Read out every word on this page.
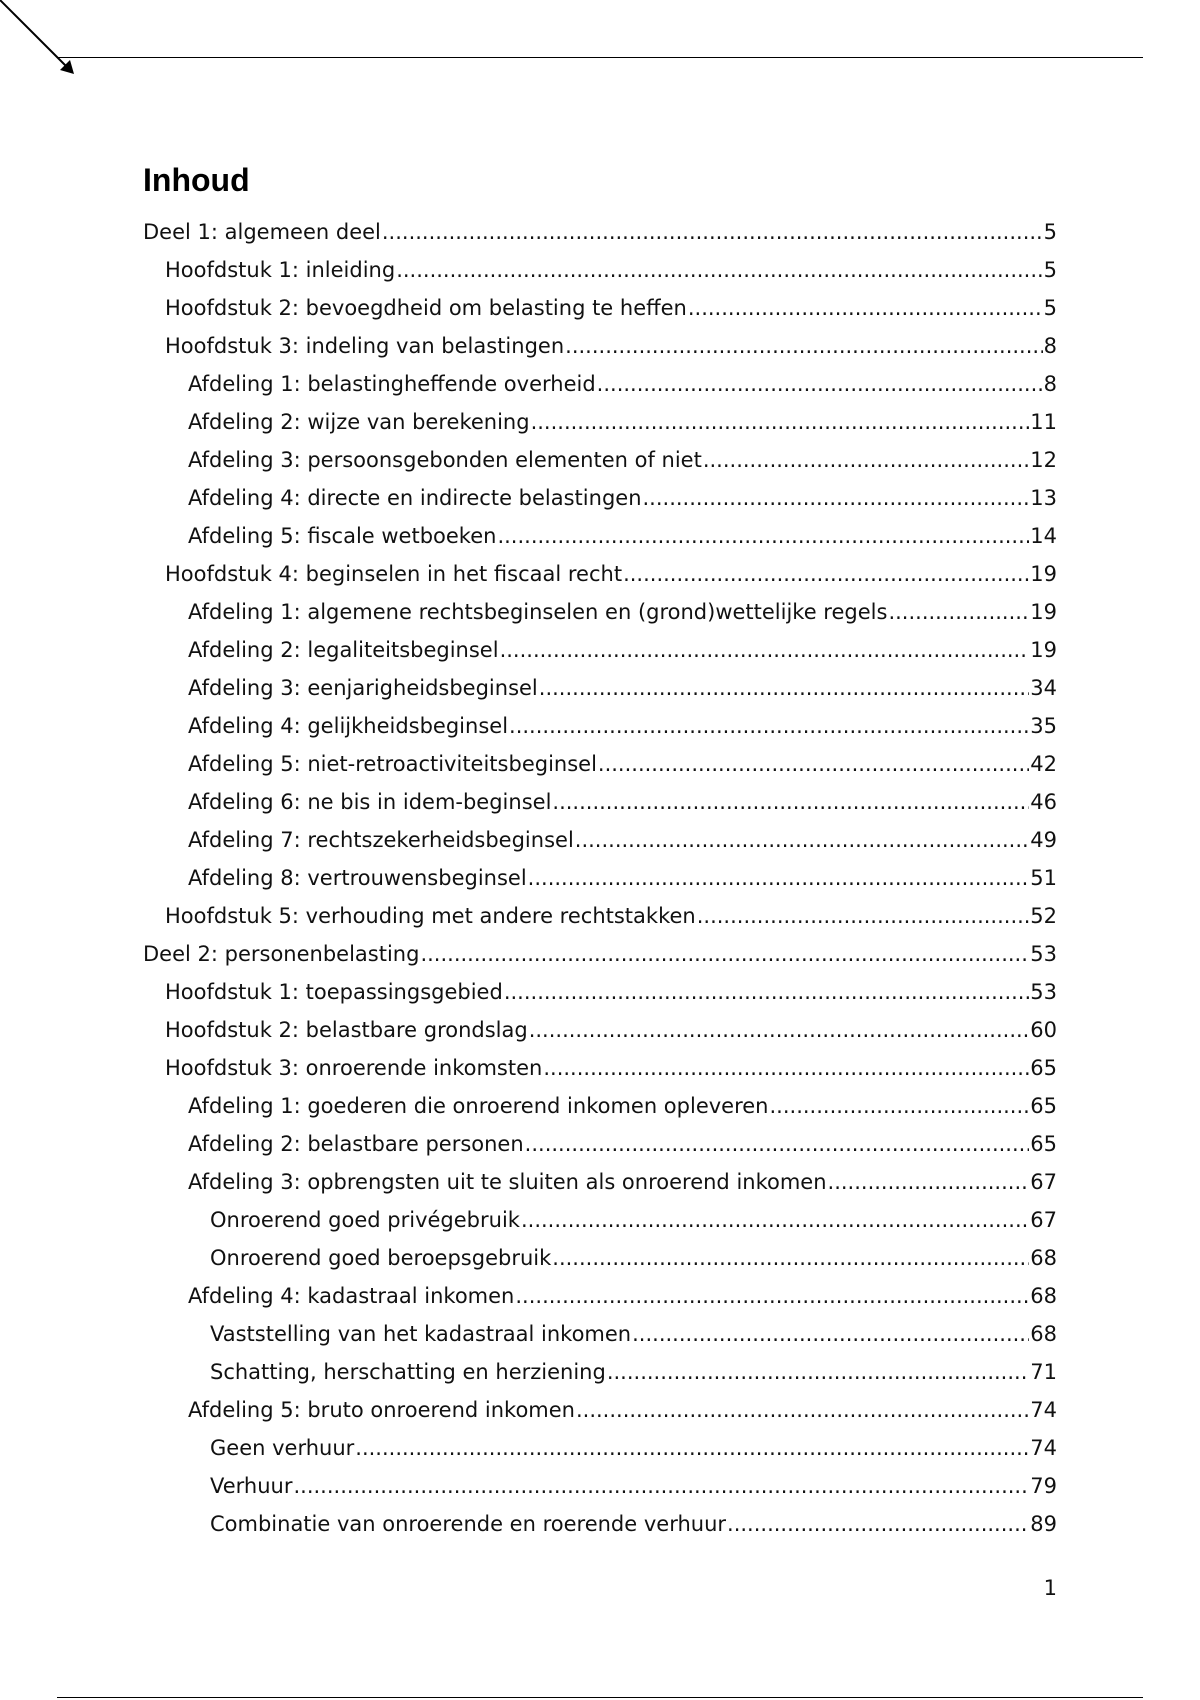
Inhoud
Deel 1: algemeen deel .....	5
Hoofdstuk 1: inleiding .....	5
Hoofdstuk 2: bevoegdheid om belasting te heffen .....	5
Hoofdstuk 3: indeling van belastingen .....	8
Afdeling 1: belastingheffende overheid .....	8
Afdeling 2: wijze van berekening .....	11
Afdeling 3: persoonsgebonden elementen of niet .....	12
Afdeling 4: directe en indirecte belastingen .....	13
Afdeling 5: fiscale wetboeken .....	14
Hoofdstuk 4: beginselen in het fiscaal recht .....	19
Afdeling 1: algemene rechtsbeginselen en (grond)wettelijke regels .....	19
Afdeling 2: legaliteitsbeginsel .....	19
Afdeling 3: eenjarigheidsbeginsel .....	34
Afdeling 4: gelijkheidsbeginsel .....	35
Afdeling 5: niet-retroactiviteitsbeginsel .....	42
Afdeling 6: ne bis in idem-beginsel .....	46
Afdeling 7: rechtszekerheidsbeginsel .....	49
Afdeling 8: vertrouwensbeginsel .....	51
Hoofdstuk 5: verhouding met andere rechtstakken .....	52
Deel 2: personenbelasting .....	53
Hoofdstuk 1: toepassingsgebied .....	53
Hoofdstuk 2: belastbare grondslag .....	60
Hoofdstuk 3: onroerende inkomsten .....	65
Afdeling 1: goederen die onroerend inkomen opleveren .....	65
Afdeling 2: belastbare personen .....	65
Afdeling 3: opbrengsten uit te sluiten als onroerend inkomen .....	67
Onroerend goed privégebruik .....	67
Onroerend goed beroepsgebruik .....	68
Afdeling 4: kadastraal inkomen .....	68
Vaststelling van het kadastraal inkomen .....	68
Schatting, herschatting en herziening .....	71
Afdeling 5: bruto onroerend inkomen .....	74
Geen verhuur .....	74
Verhuur .....	79
Combinatie van onroerende en roerende verhuur .....	89
1
